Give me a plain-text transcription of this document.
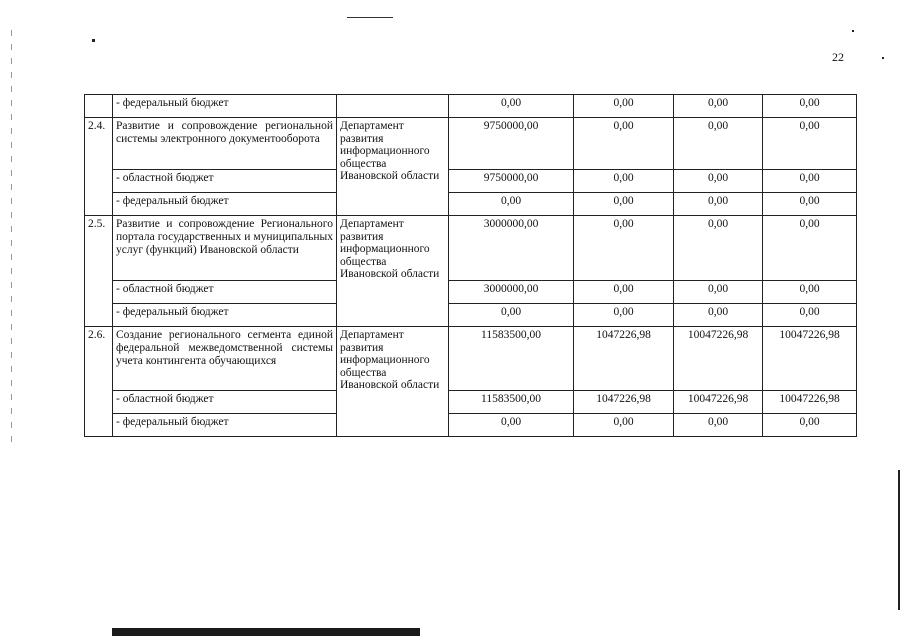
22
	- федеральный бюджет		0,00	0,00	0,00	0,00
2.4.	Развитие и сопровождение региональной системы электронного документооборота	Департамент развития информационного общества Ивановской области	9750000,00	0,00	0,00	0,00
	- областной бюджет		9750000,00	0,00	0,00	0,00
	- федеральный бюджет		0,00	0,00	0,00	0,00
2.5.	Развитие и сопровождение Регионального портала государственных и муниципальных услуг (функций) Ивановской области	Департамент развития информационного общества Ивановской области	3000000,00	0,00	0,00	0,00
	- областной бюджет		3000000,00	0,00	0,00	0,00
	- федеральный бюджет		0,00	0,00	0,00	0,00
2.6.	Создание регионального сегмента единой федеральной межведомственной системы учета контингента обучающихся	Департамент развития информационного общества Ивановской области	11583500,00	1047226,98	10047226,98	10047226,98
	- областной бюджет		11583500,00	1047226,98	10047226,98	10047226,98
	- федеральный бюджет		0,00	0,00	0,00	0,00
